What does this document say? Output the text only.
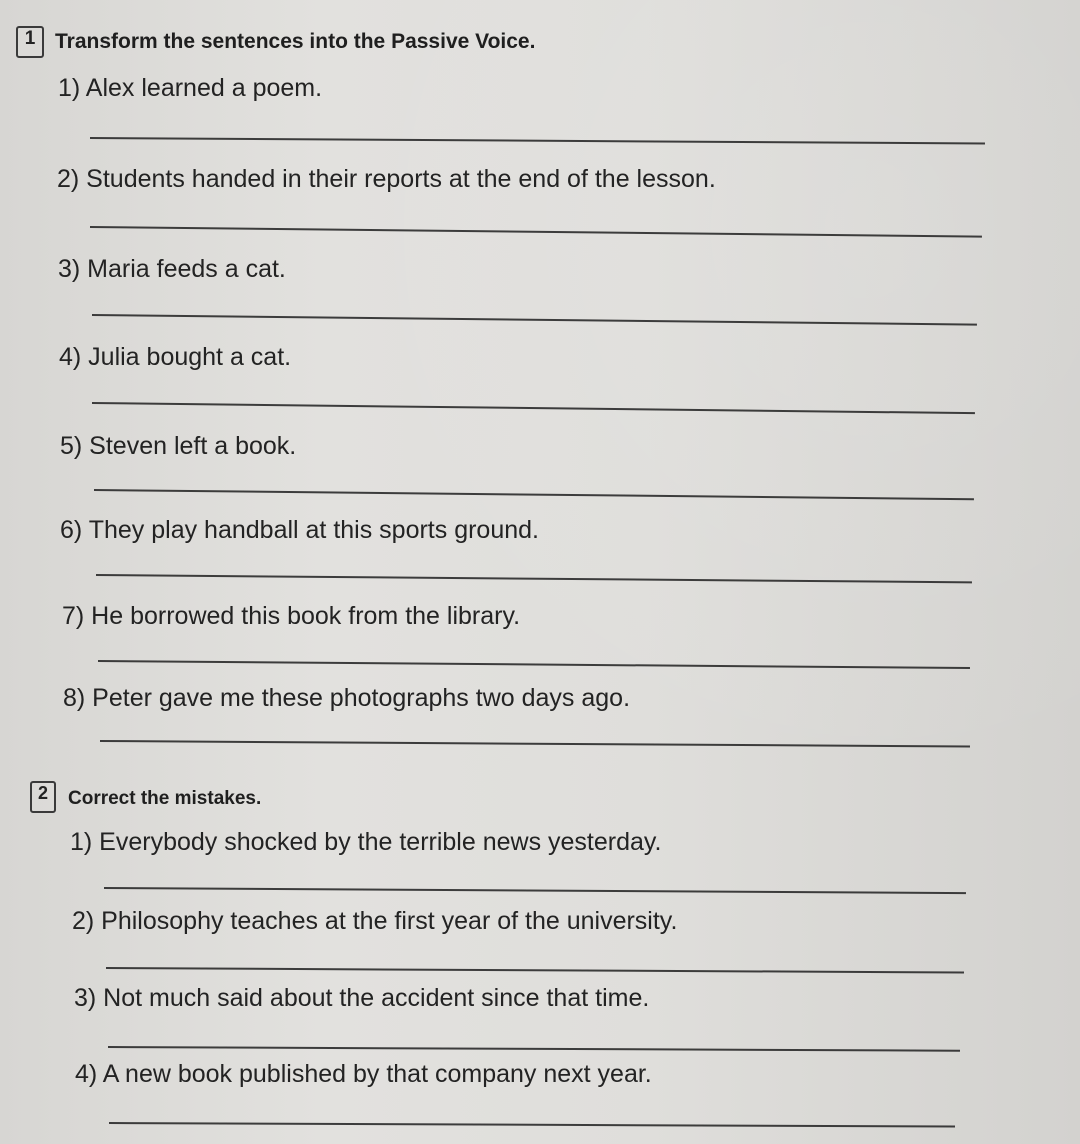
1 Transform the sentences into the Passive Voice.
1) Alex learned a poem.
2) Students handed in their reports at the end of the lesson.
3) Maria feeds a cat.
4) Julia bought a cat.
5) Steven left a book.
6) They play handball at this sports ground.
7) He borrowed this book from the library.
8) Peter gave me these photographs two days ago.
2	Correct the mistakes.
1) Everybody shocked by the terrible news yesterday.
2) Philosophy teaches at the first year of the university.
3) Not much said about the accident since that time.
4) A new book published by that company next year.
